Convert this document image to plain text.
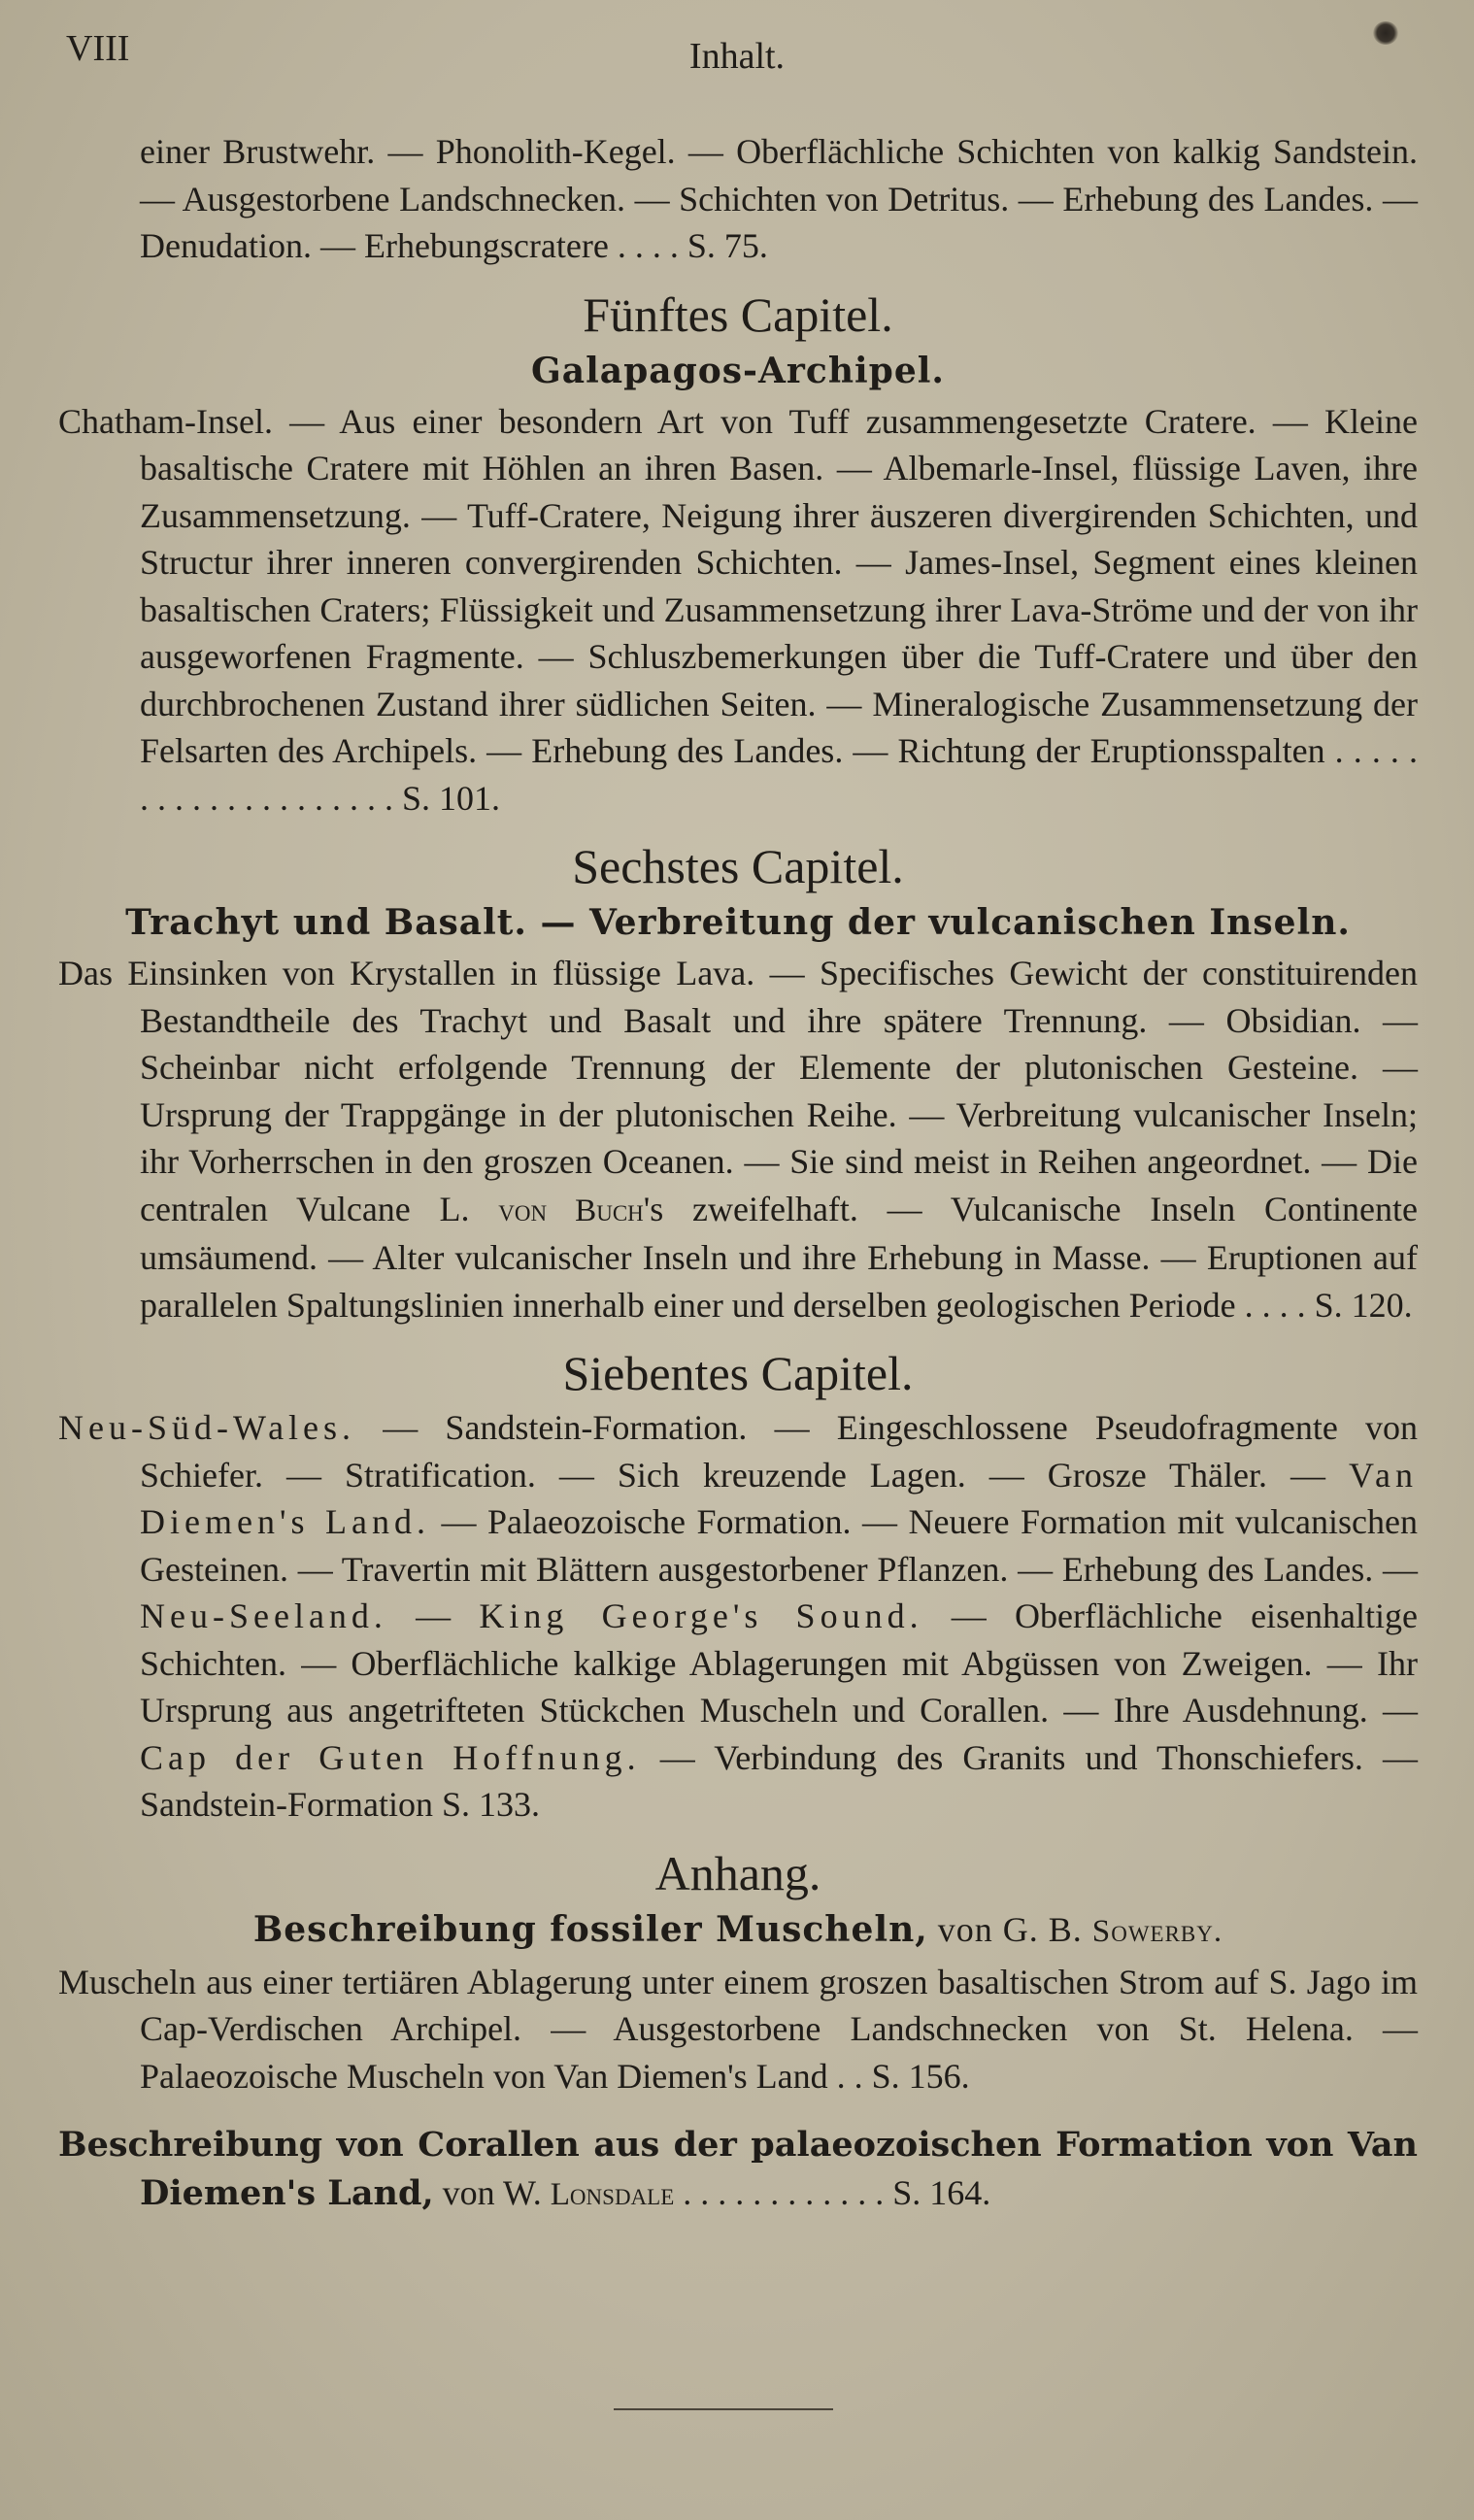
VIII	Inhalt.

einer Brustwehr. — Phonolith-Kegel. — Oberflächliche Schichten von kalkig Sandstein. — Ausgestorbene Landschnecken. — Schichten von Detritus. — Erhebung des Landes. — Denudation. — Erhebungscratere . . . . S. 75.

Fünftes Capitel.
Galapagos-Archipel.

Chatham-Insel. — Aus einer besondern Art von Tuff zusammengesetzte Cratere. — Kleine basaltische Cratere mit Höhlen an ihren Basen. — Albemarle-Insel, flüssige Laven, ihre Zusammensetzung. — Tuff-Cratere, Neigung ihrer äuszeren divergirenden Schichten, und Structur ihrer inneren convergirenden Schichten. — James-Insel, Segment eines kleinen basaltischen Craters; Flüssigkeit und Zusammensetzung ihrer Lava-Ströme und der von ihr ausgeworfenen Fragmente. — Schluszbemerkungen über die Tuff-Cratere und über den durchbrochenen Zustand ihrer südlichen Seiten. — Mineralogische Zusammensetzung der Felsarten des Archipels. — Erhebung des Landes. — Richtung der Eruptionsspalten . . . . . . . . . . . . . . . . . . . . S. 101.

Sechstes Capitel.
Trachyt und Basalt. — Verbreitung der vulcanischen Inseln.

Das Einsinken von Krystallen in flüssige Lava. — Specifisches Gewicht der constituirenden Bestandtheile des Trachyt und Basalt und ihre spätere Trennung. — Obsidian. — Scheinbar nicht erfolgende Trennung der Elemente der plutonischen Gesteine. — Ursprung der Trappgänge in der plutonischen Reihe. — Verbreitung vulcanischer Inseln; ihr Vorherrschen in den groszen Oceanen. — Sie sind meist in Reihen angeordnet. — Die centralen Vulcane L. von Buch's zweifelhaft. — Vulcanische Inseln Continente umsäumend. — Alter vulcanischer Inseln und ihre Erhebung in Masse. — Eruptionen auf parallelen Spaltungslinien innerhalb einer und derselben geologischen Periode . . . . S. 120.

Siebentes Capitel.

Neu-Süd-Wales. — Sandstein-Formation. — Eingeschlossene Pseudofragmente von Schiefer. — Stratification. — Sich kreuzende Lagen. — Grosze Thäler. — Van Diemen's Land. — Palaeozoische Formation. — Neuere Formation mit vulcanischen Gesteinen. — Travertin mit Blättern ausgestorbener Pflanzen. — Erhebung des Landes. — Neu-Seeland. — King George's Sound. — Oberflächliche eisenhaltige Schichten. — Oberflächliche kalkige Ablagerungen mit Abgüssen von Zweigen. — Ihr Ursprung aus angetrifteten Stückchen Muscheln und Corallen. — Ihre Ausdehnung. — Cap der Guten Hoffnung. — Verbindung des Granits und Thonschiefers. — Sandstein-Formation S. 133.

Anhang.
Beschreibung fossiler Muscheln, von G. B. Sowerby.

Muscheln aus einer tertiären Ablagerung unter einem groszen basaltischen Strom auf S. Jago im Cap-Verdischen Archipel. — Ausgestorbene Landschnecken von St. Helena. — Palaeozoische Muscheln von Van Diemen's Land . . S. 156.

Beschreibung von Corallen aus der palaeozoischen Formation von Van Diemen's Land, von W. Lonsdale . . . . . . . . . . . . S. 164.
